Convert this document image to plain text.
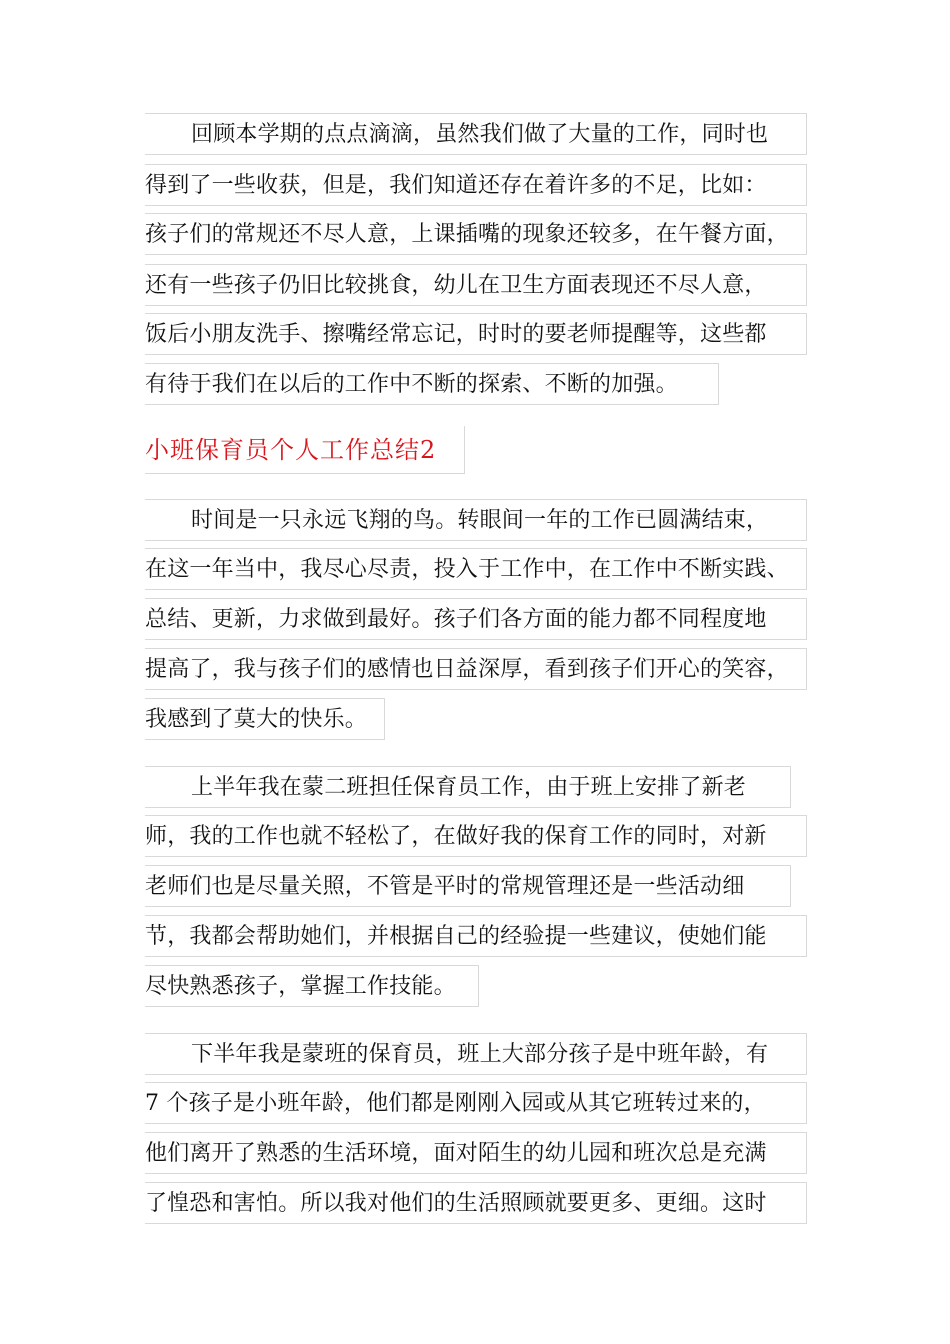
回顾本学期的点点滴滴，虽然我们做了大量的工作，同时也
得到了一些收获，但是，我们知道还存在着许多的不足，比如：
孩子们的常规还不尽人意，上课插嘴的现象还较多，在午餐方面，
还有一些孩子仍旧比较挑食，幼儿在卫生方面表现还不尽人意，
饭后小朋友洗手、擦嘴经常忘记，时时的要老师提醒等，这些都
有待于我们在以后的工作中不断的探索、不断的加强。
小班保育员个人工作总结2
时间是一只永远飞翔的鸟。转眼间一年的工作已圆满结束，
在这一年当中，我尽心尽责，投入于工作中，在工作中不断实践、
总结、更新，力求做到最好。孩子们各方面的能力都不同程度地
提高了，我与孩子们的感情也日益深厚，看到孩子们开心的笑容，
我感到了莫大的快乐。
上半年我在蒙二班担任保育员工作，由于班上安排了新老
师，我的工作也就不轻松了，在做好我的保育工作的同时，对新
老师们也是尽量关照，不管是平时的常规管理还是一些活动细
节，我都会帮助她们，并根据自己的经验提一些建议，使她们能
尽快熟悉孩子，掌握工作技能。
下半年我是蒙班的保育员，班上大部分孩子是中班年龄，有
7 个孩子是小班年龄，他们都是刚刚入园或从其它班转过来的，
他们离开了熟悉的生活环境，面对陌生的幼儿园和班次总是充满
了惶恐和害怕。所以我对他们的生活照顾就要更多、更细。这时
